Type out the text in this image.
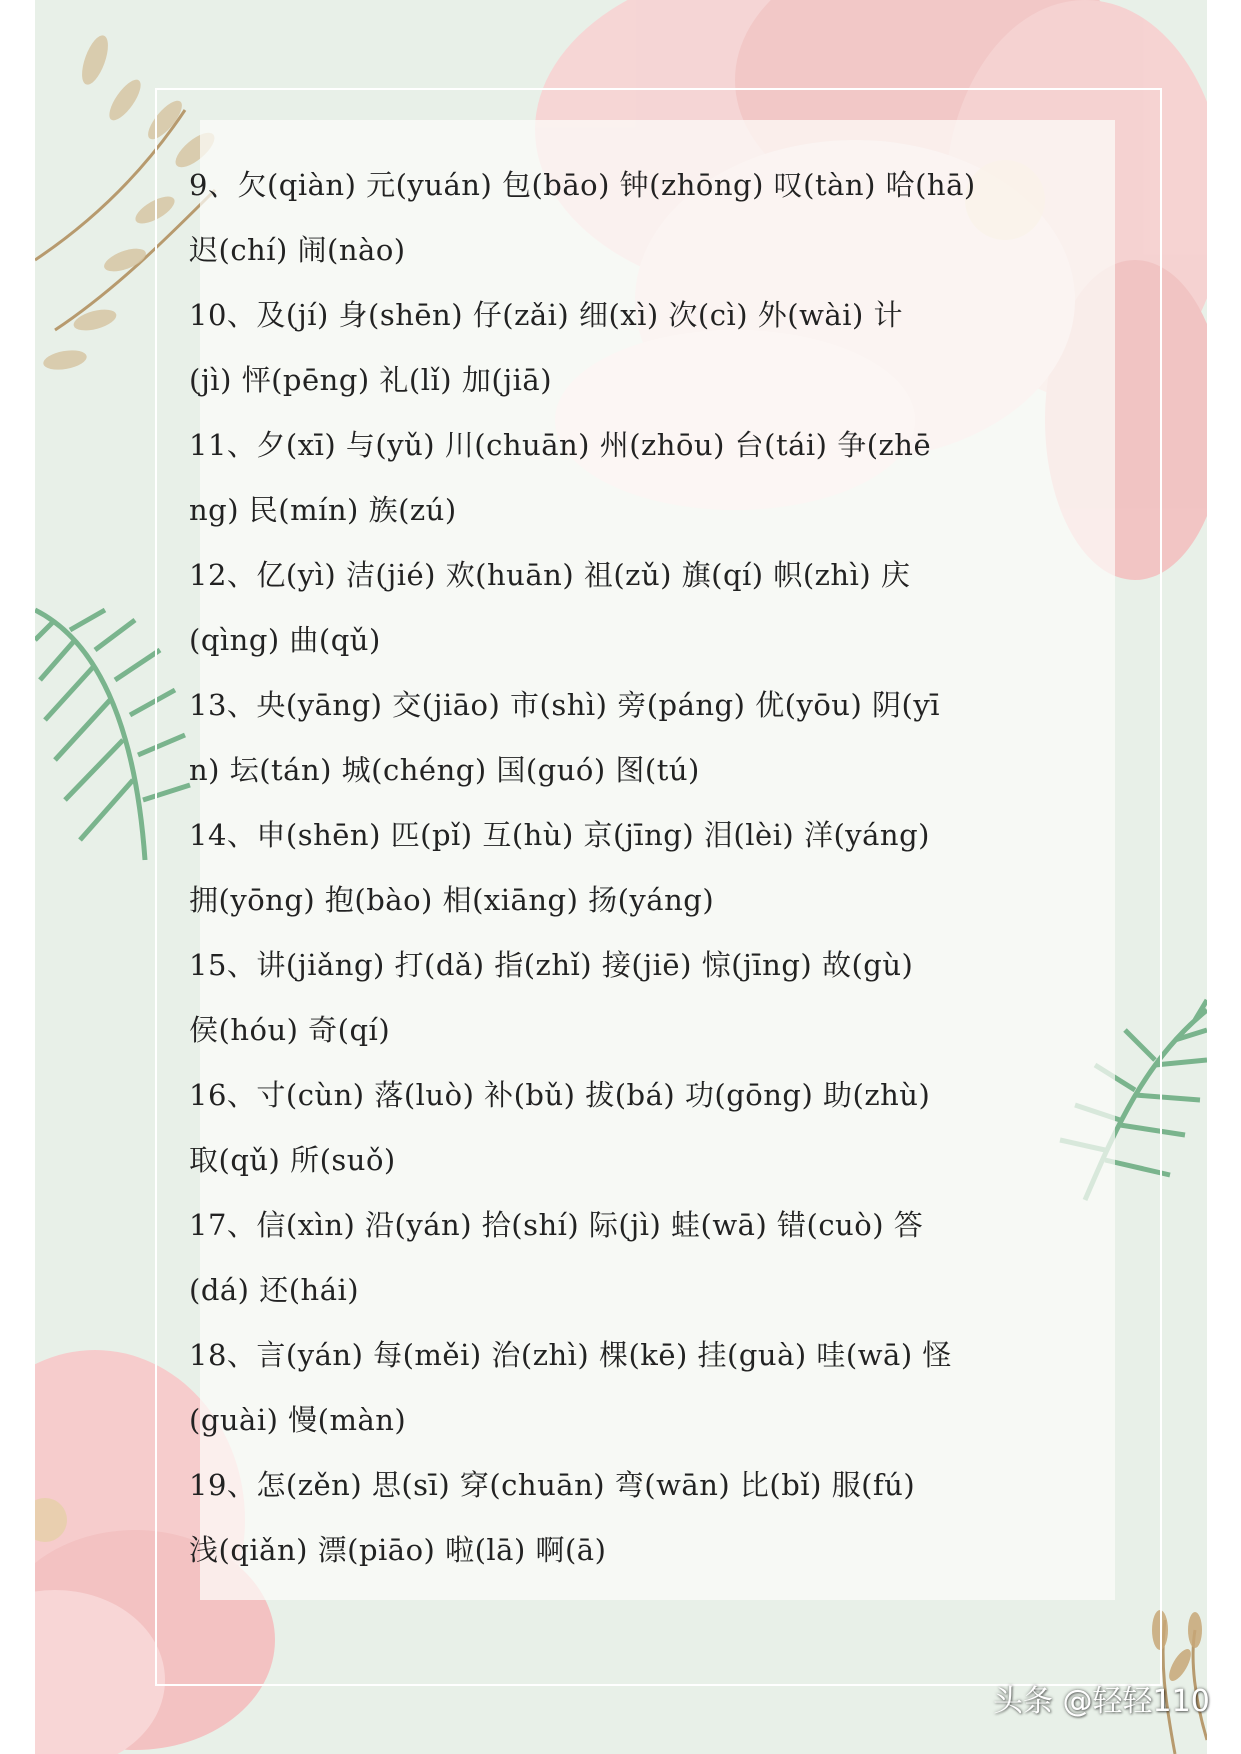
9、欠(qiàn) 元(yuán) 包(bāo) 钟(zhōng) 叹(tàn) 哈(hā)
迟(chí) 闹(nào)
10、及(jí) 身(shēn) 仔(zǎi) 细(xì) 次(cì) 外(wài) 计
(jì) 怦(pēng) 礼(lǐ) 加(jiā)
11、夕(xī) 与(yǔ) 川(chuān) 州(zhōu) 台(tái) 争(zhē
ng) 民(mín) 族(zú)
12、亿(yì) 洁(jié) 欢(huān) 祖(zǔ) 旗(qí) 帜(zhì) 庆
(qìng) 曲(qǔ)
13、央(yāng) 交(jiāo) 市(shì) 旁(páng) 优(yōu) 阴(yī
n) 坛(tán) 城(chéng) 国(guó) 图(tú)
14、申(shēn) 匹(pǐ) 互(hù) 京(jīng) 泪(lèi) 洋(yáng)
拥(yōng) 抱(bào) 相(xiāng) 扬(yáng)
15、讲(jiǎng) 打(dǎ) 指(zhǐ) 接(jiē) 惊(jīng) 故(gù)
侯(hóu) 奇(qí)
16、寸(cùn) 落(luò) 补(bǔ) 拔(bá) 功(gōng) 助(zhù)
取(qǔ) 所(suǒ)
17、信(xìn) 沿(yán) 拾(shí) 际(jì) 蛙(wā) 错(cuò) 答
(dá) 还(hái)
18、言(yán) 每(měi) 治(zhì) 棵(kē) 挂(guà) 哇(wā) 怪
(guài) 慢(màn)
19、怎(zěn) 思(sī) 穿(chuān) 弯(wān) 比(bǐ) 服(fú)
浅(qiǎn) 漂(piāo) 啦(lā) 啊(ā)
头条 @轻轻110
